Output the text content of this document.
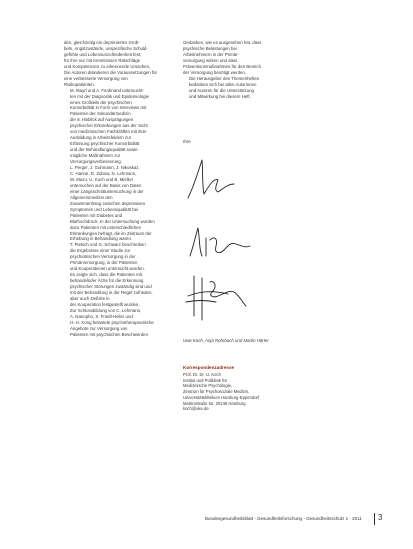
den, gleichzeitig ein deprimiertes Grüb-
beln, Angstzustände, unspezifische Schuld-
gefühle und Lebensunzufriedenheit fest;
für ihre nur mit Kenntnissen Ratschläge
und Kompetenzen zu erkennende Ursachen,
Die Autoren diskutieren die Voraussetzungen für
eine verbesserte Versorgung von
Risikopatienten.

M. Mayrl und A. Ferdinand untersucht-
ten mit der Diagnostik und Epidemiologie
eines Großteils der psychischen
Komorbidität in Form von Interviews mit
Patienten der Sekundärmedizin
die in Hinblick auf Ausprägungen
psychischer Erkrankungen aus der Sicht
von medizinischen Fachkräften mit ihrer
Ausbildung in Arbeitsfeldern zur
Erfassung psychischer Komorbidität
und der Behandlungsqualität sowie
mögliche Maßnahmen zur
Versorgungsverbesserung.

L. Perger, J. Guhmann, J. Nikoskaz,
C. Hanne, D. Zubow, N. Lehmann,
W. Mazu, U. Koch und B. Mießer
untersuchen auf der Basis von Daten
einer Längsschnittuntersuchung in der
Allgemeinmedizin den
Zusammenhang zwischen depressiven
Symptomen und Lebensqualität bei
Patienten mit Diabetes und
Bluthochdruck. In der Untersuchung wurden
dazu Patienten mit unterschiedlichen
Erkrankungen befragt, die im Zeitraum der
Erhebung in Behandlung waren.

T. Pietsch und G. Schwarz beschreiben
die Ergebnisse einer Studie zur
psychiatrischen Versorgung in der
Primärversorgung, in der Patienten
und Kooperationen untersucht wurden.
Es zeigte sich, dass die Patienten mit
behandelnder Ärzte für die Erkennung
psychischer Störungen zuständig sind und
mit der Behandlung in der Regel zufrieden,
aber auch Defizite in
der Kooperation festgestellt wurden.

Zur Schlussbildung von C. Lehmann,
A. Nanopho, S. Friedl-Heller und
H.-H. Kong belastete psychotherapeutische
Angebote zur Versorgung von
Patienten mit psychischen Beschwerden

Gedanken, wie es ausgesehen hat, dass
psychische Belastungen bei
Arbeitnehmern in der Primär-
versorgung wirken und dass
Präventionsmaßnahmen für den Bereich
der Versorgung benötigt werden.

Die Herausgeber des Themenheftes
bedanken sich bei allen Autorinnen
und Autoren für die Unterstützung
und Mitwirkung bei diesem Heft.

Ihre
Uwe Koch, Anja Rohrbach und Martin Härter
Korrespondenzadresse
Prof. Dr. Dr. U. Koch
Institut und Poliklinik für
Medizinische Psychologie,
Zentrum für Psychosoziale Medizin,
Universitätsklinikum Hamburg-Eppendorf
Martinistraße 52, 20246 Hamburg
koch@uke.de
Bundesgesundheitsblatt - Gesundheitsforschung - Gesundheitsschutz 1 · 2011 3
